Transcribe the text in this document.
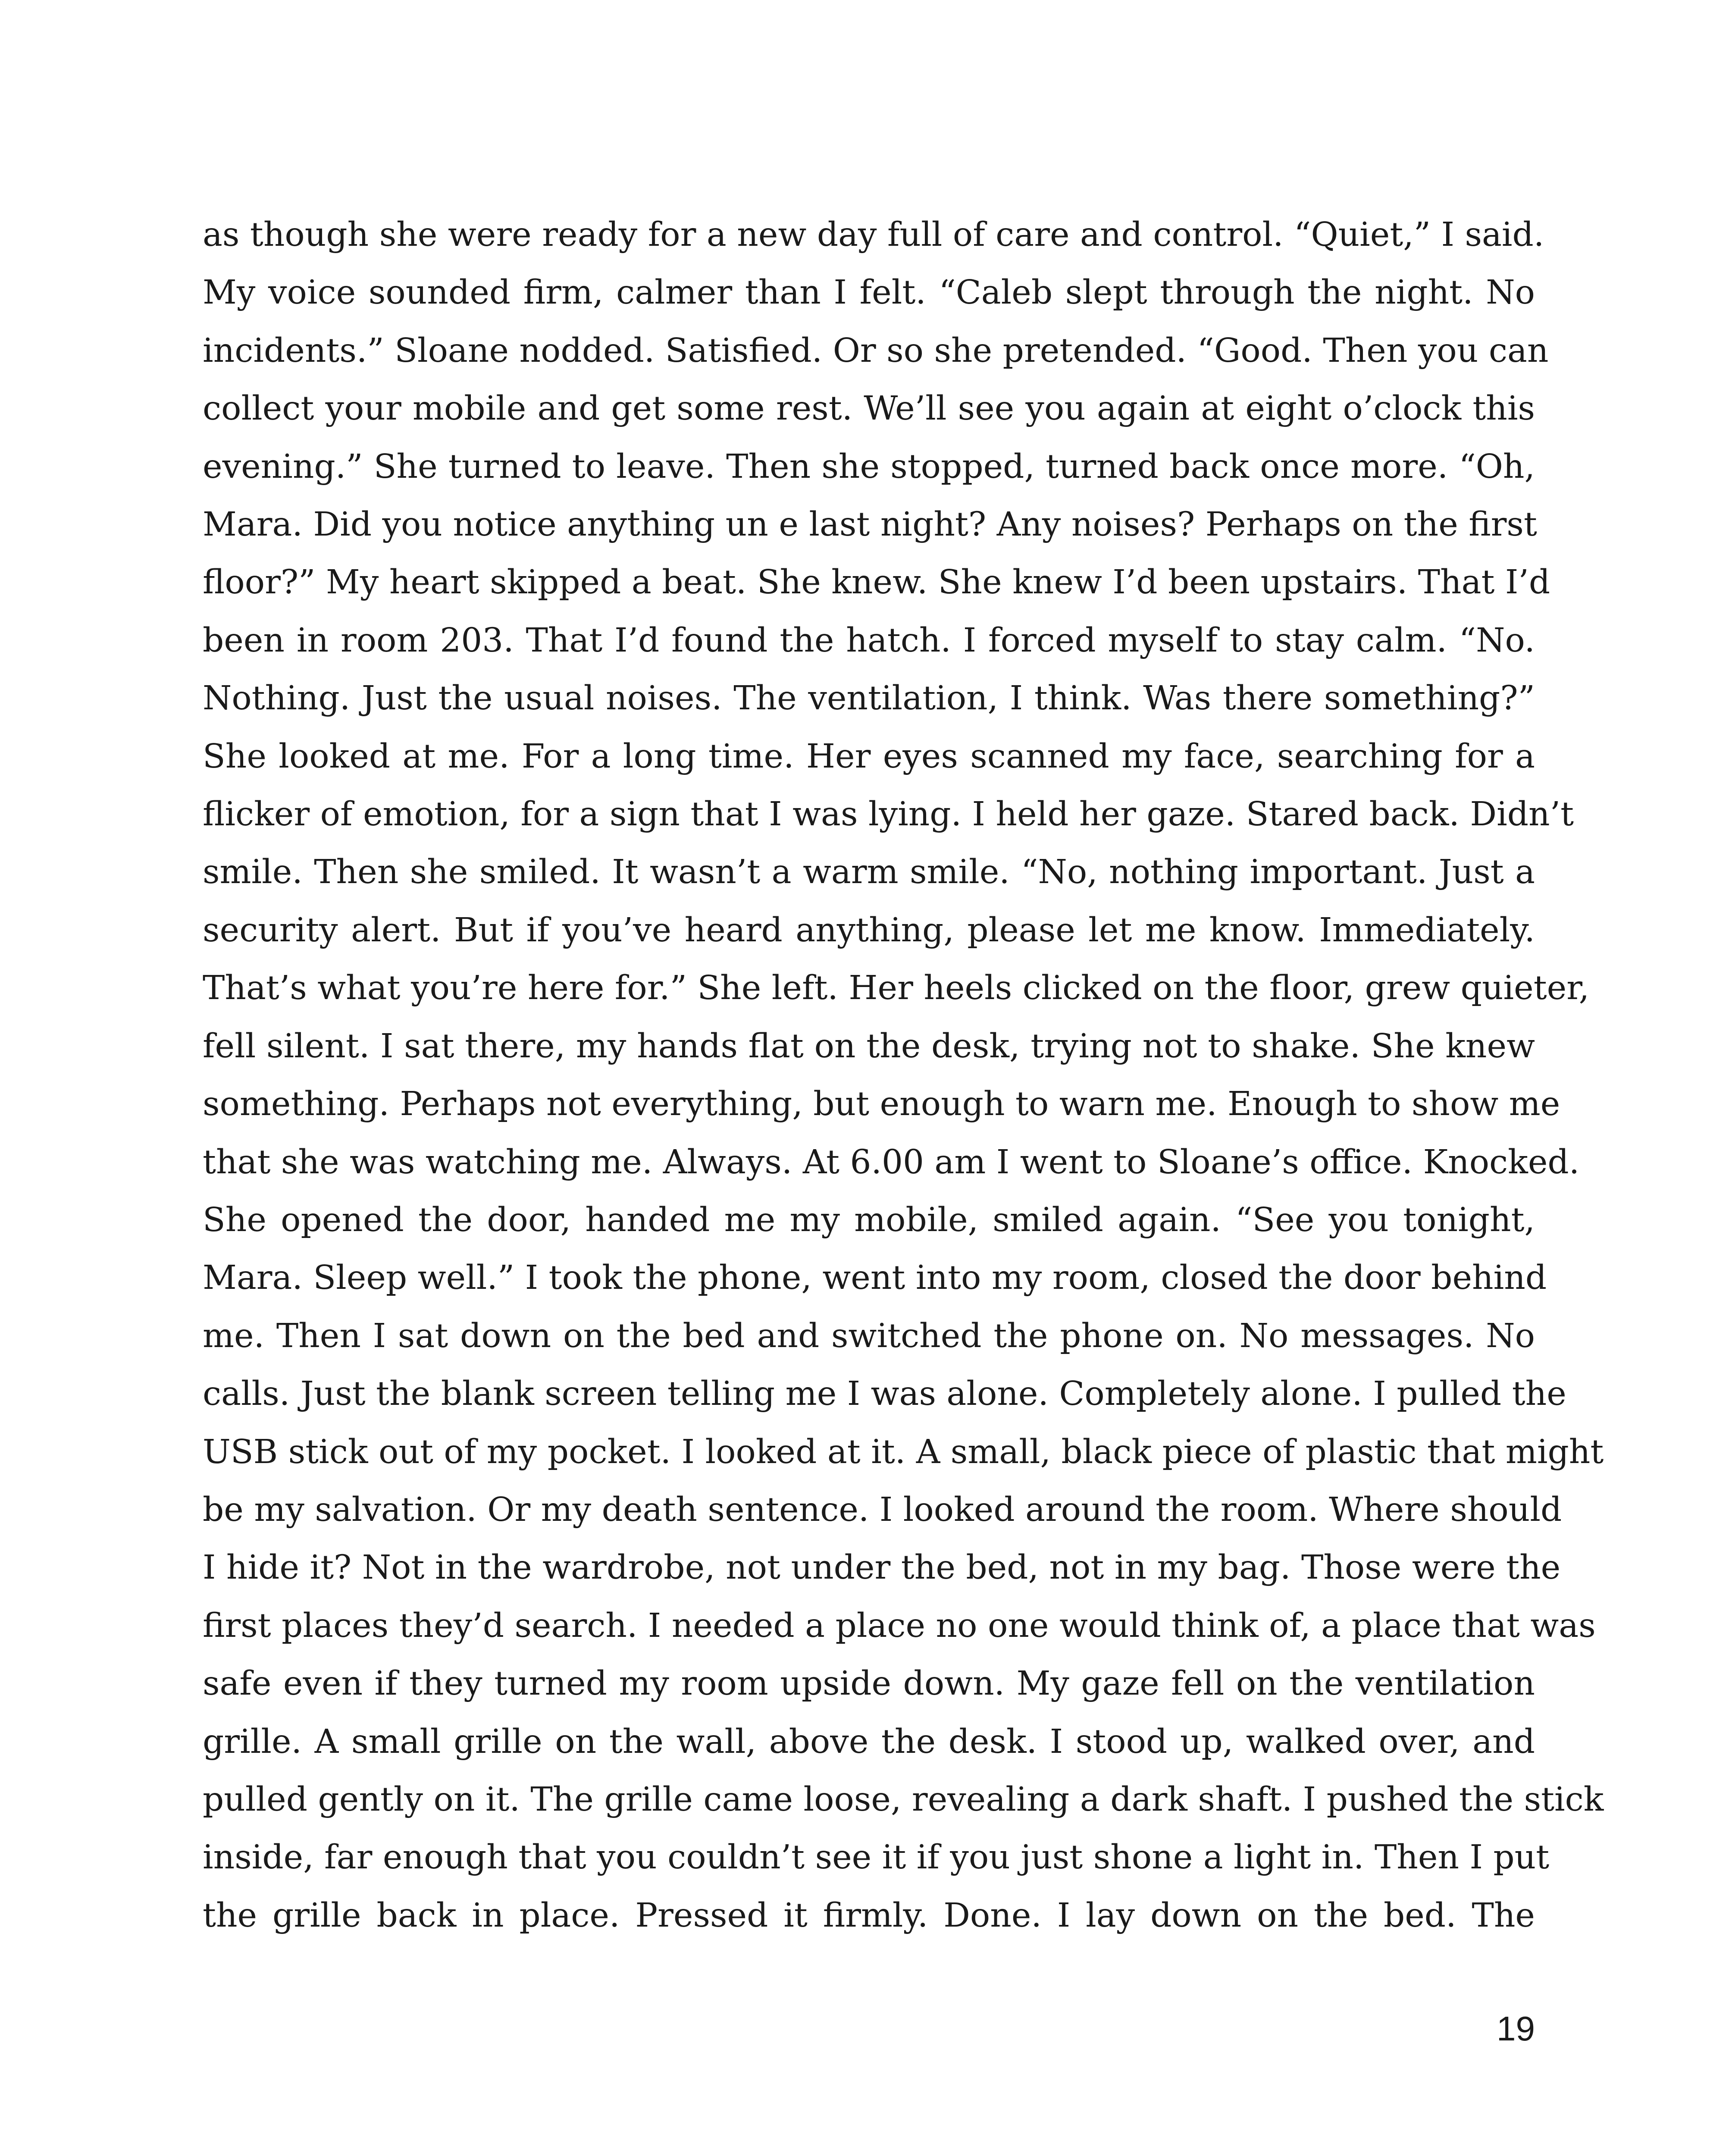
as though she were ready for a new day full of care and control. “Quiet,” I said.
My voice sounded firm, calmer than I felt. “Caleb slept through the night. No
incidents.” Sloane nodded. Satisfied. Or so she pretended. “Good. Then you can
collect your mobile and get some rest. We’ll see you again at eight o’clock this
evening.” She turned to leave. Then she stopped, turned back once more. “Oh,
Mara. Did you notice anything un e last night? Any noises? Perhaps on the first
floor?” My heart skipped a beat. She knew. She knew I’d been upstairs. That I’d
been in room 203. That I’d found the hatch. I forced myself to stay calm. “No.
Nothing. Just the usual noises. The ventilation, I think. Was there something?”
She looked at me. For a long time. Her eyes scanned my face, searching for a
flicker of emotion, for a sign that I was lying. I held her gaze. Stared back. Didn’t
smile. Then she smiled. It wasn’t a warm smile. “No, nothing important. Just a
security alert. But if you’ve heard anything, please let me know. Immediately.
That’s what you’re here for.” She left. Her heels clicked on the floor, grew quieter,
fell silent. I sat there, my hands flat on the desk, trying not to shake. She knew
something. Perhaps not everything, but enough to warn me. Enough to show me
that she was watching me. Always. At 6.00 am I went to Sloane’s office. Knocked.
She opened the door, handed me my mobile, smiled again. “See you tonight,
Mara. Sleep well.” I took the phone, went into my room, closed the door behind
me. Then I sat down on the bed and switched the phone on. No messages. No
calls. Just the blank screen telling me I was alone. Completely alone. I pulled the
USB stick out of my pocket. I looked at it. A small, black piece of plastic that might
be my salvation. Or my death sentence. I looked around the room. Where should
I hide it? Not in the wardrobe, not under the bed, not in my bag. Those were the
first places they’d search. I needed a place no one would think of, a place that was
safe even if they turned my room upside down. My gaze fell on the ventilation
grille. A small grille on the wall, above the desk. I stood up, walked over, and
pulled gently on it. The grille came loose, revealing a dark shaft. I pushed the stick
inside, far enough that you couldn’t see it if you just shone a light in. Then I put
the grille back in place. Pressed it firmly. Done. I lay down on the bed. The
19
